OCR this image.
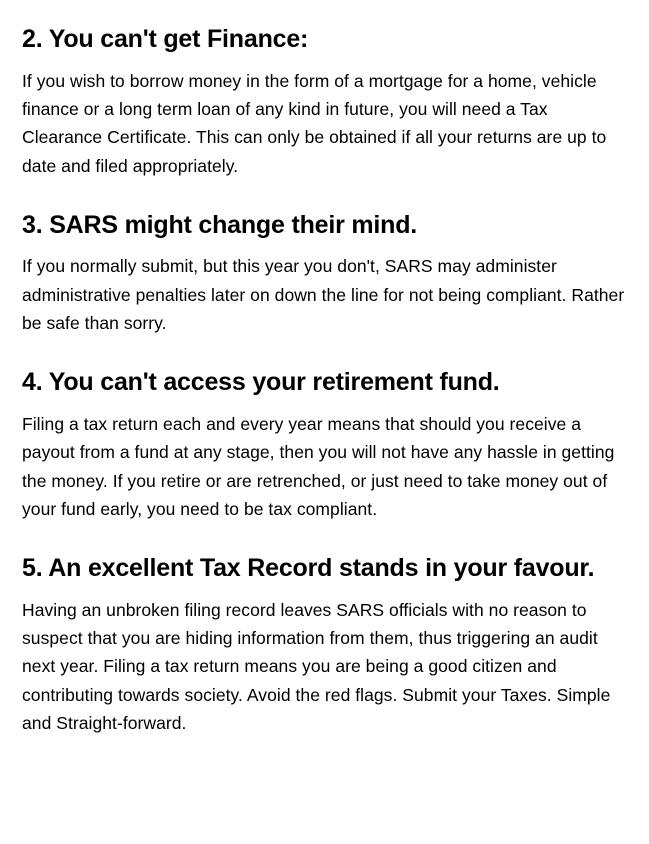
2. You can't get Finance:

If you wish to borrow money in the form of a mortgage for a home, vehicle finance or a long term loan of any kind in future, you will need a Tax Clearance Certificate. This can only be obtained if all your returns are up to date and filed appropriately.

3. SARS might change their mind.

If you normally submit, but this year you don't, SARS may administer administrative penalties later on down the line for not being compliant. Rather be safe than sorry.

4. You can't access your retirement fund.

Filing a tax return each and every year means that should you receive a payout from a fund at any stage, then you will not have any hassle in getting the money. If you retire or are retrenched, or just need to take money out of your fund early, you need to be tax compliant.

5. An excellent Tax Record stands in your favour.

Having an unbroken filing record leaves SARS officials with no reason to suspect that you are hiding information from them, thus triggering an audit next year. Filing a tax return means you are being a good citizen and contributing towards society. Avoid the red flags. Submit your Taxes. Simple and Straight-forward.
